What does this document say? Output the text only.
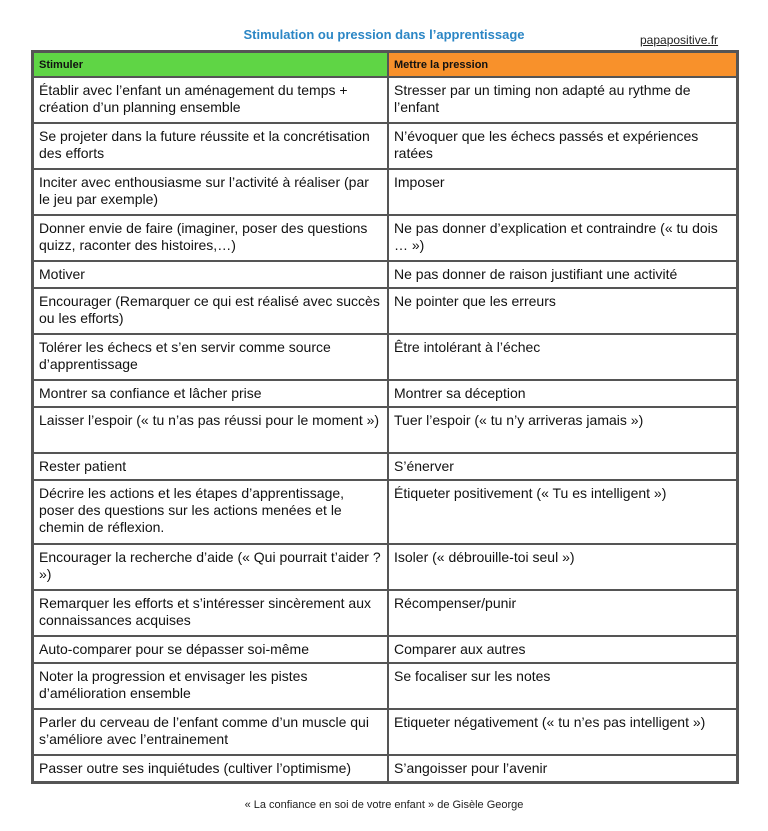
Stimulation ou pression dans l’apprentissage	papapositive.fr
Stimuler	Mettre la pression
Établir avec l’enfant un aménagement du temps + création d’un planning ensemble	Stresser par un timing non adapté au rythme de l’enfant
Se projeter dans la future réussite et la concrétisation des efforts	N’évoquer que les échecs passés et expériences ratées
Inciter avec enthousiasme sur l’activité à réaliser (par le jeu par exemple)	Imposer
Donner envie de faire (imaginer, poser des questions quizz, raconter des histoires,…)	Ne pas donner d’explication et contraindre (« tu dois … »)
Motiver	Ne pas donner de raison justifiant une activité
Encourager (Remarquer ce qui est réalisé avec succès ou les efforts)	Ne pointer que les erreurs
Tolérer les échecs et s’en servir comme source d’apprentissage	Être intolérant à l’échec
Montrer sa confiance et lâcher prise	Montrer sa déception
Laisser l’espoir (« tu n’as pas réussi pour le moment »)	Tuer l’espoir (« tu n’y arriveras jamais »)
Rester patient	S’énerver
Décrire les actions et les étapes d’apprentissage, poser des questions sur les actions menées et le chemin de réflexion.	Étiqueter positivement (« Tu es intelligent »)
Encourager la recherche d’aide (« Qui pourrait t’aider ? »)	Isoler (« débrouille-toi seul »)
Remarquer les efforts et s’intéresser sincèrement aux connaissances acquises	Récompenser/punir
Auto-comparer pour se dépasser soi-même	Comparer aux autres
Noter la progression et envisager les pistes d’amélioration ensemble	Se focaliser sur les notes
Parler du cerveau de l’enfant comme d’un muscle qui s’améliore avec l’entrainement	Etiqueter négativement (« tu n’es pas intelligent »)
Passer outre ses inquiétudes (cultiver l’optimisme)	S’angoisser pour l’avenir
« La confiance en soi de votre enfant » de Gisèle George
